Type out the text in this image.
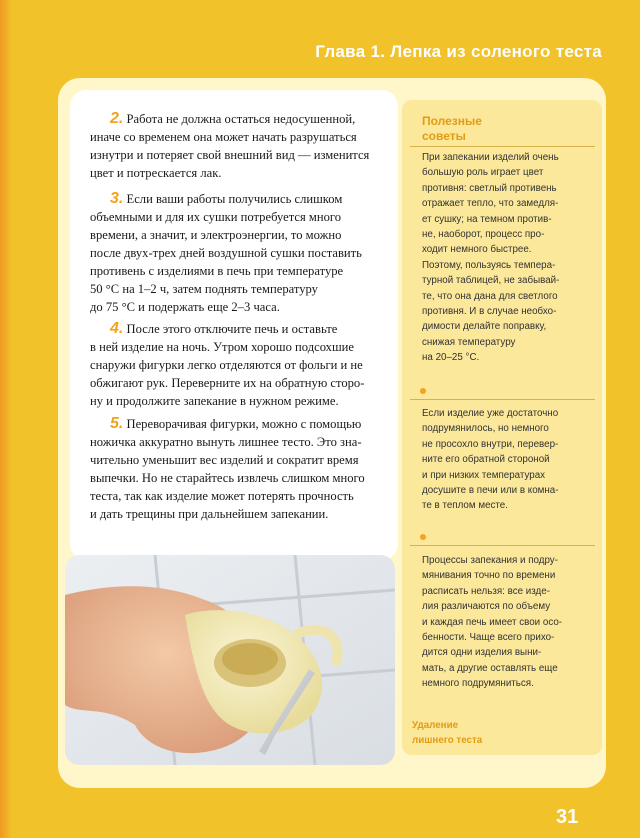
Глава 1. Лепка из соленого теста
2. Работа не должна остаться недосушенной,
иначе со временем она может начать разрушаться
изнутри и потеряет свой внешний вид — изменится
цвет и потрескается лак.
3. Если ваши работы получились слишком
объемными и для их сушки потребуется много
времени, а значит, и электроэнергии, то можно
после двух-трех дней воздушной сушки поставить
противень с изделиями в печь при температуре
50 °С на 1–2 ч, затем поднять температуру
до 75 °С и подержать еще 2–3 часа.
4. После этого отключите печь и оставьте
в ней изделие на ночь. Утром хорошо подсохшие
снаружи фигурки легко отделяются от фольги и не
обжигают рук. Переверните их на обратную сторо-
ну и продолжите запекание в нужном режиме.
5. Переворачивая фигурки, можно с помощью
ножичка аккуратно вынуть лишнее тесто. Это зна-
чительно уменьшит вес изделий и сократит время
выпечки. Но не старайтесь извлечь слишком много
теста, так как изделие может потерять прочность
и дать трещины при дальнейшем запекании.
Полезные
советы
При запекании изделий очень
большую роль играет цвет
противня: светлый противень
отражает тепло, что замедля-
ет сушку; на темном против-
не, наоборот, процесс про-
ходит немного быстрее.
Поэтому, пользуясь темпера-
турной таблицей, не забывай-
те, что она дана для светлого
противня. И в случае необхо-
димости делайте поправку,
снижая температуру
на 20–25 °С.
Если изделие уже достаточно
подрумянилось, но немного
не просохло внутри, перевер-
ните его обратной стороной
и при низких температурах
досушите в печи или в комна-
те в теплом месте.
Процессы запекания и подру-
мянивания точно по времени
расписать нельзя: все изде-
лия различаются по объему
и каждая печь имеет свои осо-
бенности. Чаще всего прихо-
дится одни изделия выни-
мать, а другие оставлять еще
немного подрумяниться.
Удаление
лишнего теста
31
